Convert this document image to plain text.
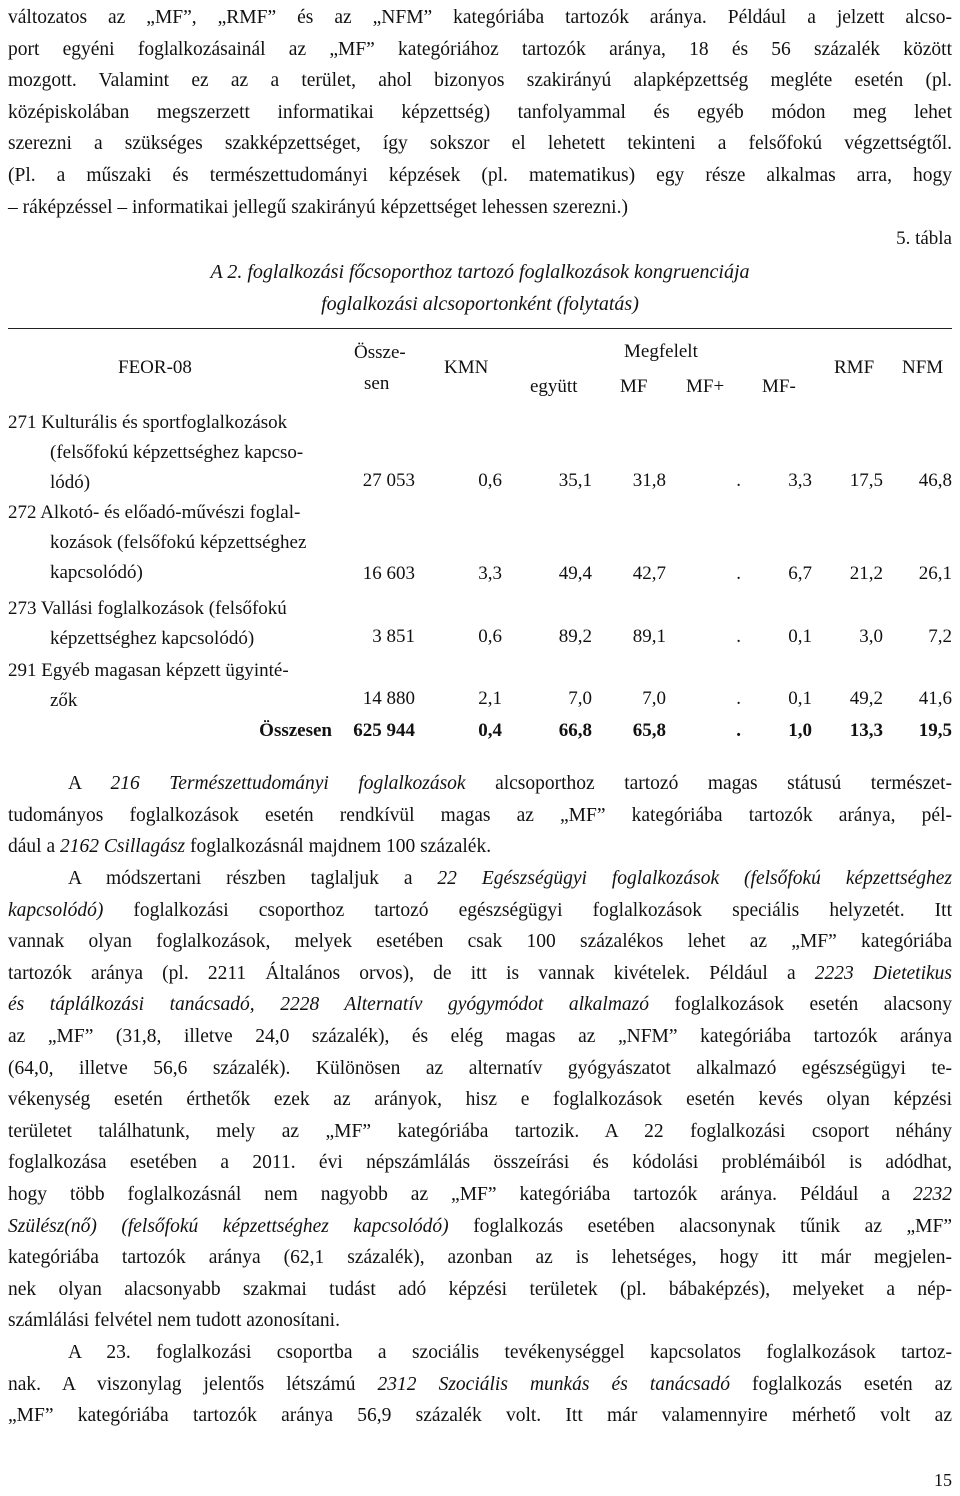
változatos az „MF”, „RMF” és az „NFM” kategóriába tartozók aránya. Például a jelzett alcso-
port egyéni foglalkozásainál az „MF” kategóriához tartozók aránya, 18 és 56 százalék között
mozgott. Valamint ez az a terület, ahol bizonyos szakirányú alapképzettség megléte esetén (pl.
középiskolában megszerzett informatikai képzettség) tanfolyammal és egyéb módon meg lehet
szerezni a szükséges szakképzettséget, így sokszor el lehetett tekinteni a felsőfokú végzettségtől.
(Pl. a műszaki és természettudományi képzések (pl. matematikus) egy része alkalmas arra, hogy
– ráképzéssel – informatikai jellegű szakirányú képzettséget lehessen szerezni.)
5. tábla
A 2. foglalkozási főcsoporthoz tartozó foglalkozások kongruenciája
foglalkozási alcsoportonként (folytatás)
FEOR-08
Össze-
sen
KMN
Megfelelt
együtt MF MF+ MF-
RMF NFM
271 Kulturális és sportfoglalkozások
(felsőfokú képzettséghez kapcso-
lódó)	27 053	0,6	35,1 31,8	. 3,3 17,5 46,8
272 Alkotó- és előadó-művészi foglal-
kozások (felsőfokú képzettséghez
kapcsolódó)	16 603	3,3	49,4 42,7	. 6,7 21,2 26,1
273 Vallási foglalkozások (felsőfokú
képzettséghez kapcsolódó)	3 851	0,6	89,2 89,1	. 0,1 3,0 7,2
291 Egyéb magasan képzett ügyinté-
zők	14 880	2,1	7,0	7,0	. 0,1 49,2 41,6
Összesen 625 944	0,4	66,8 65,8	. 1,0 13,3 19,5
A 216 Természettudományi foglalkozások alcsoporthoz tartozó magas státusú természet-
tudományos foglalkozások esetén rendkívül magas az „MF” kategóriába tartozók aránya, pél-
dául a 2162 Csillagász foglalkozásnál majdnem 100 százalék.
A módszertani részben taglaljuk a 22 Egészségügyi foglalkozások (felsőfokú képzettséghez
kapcsolódó) foglalkozási csoporthoz tartozó egészségügyi foglalkozások speciális helyzetét. Itt
vannak olyan foglalkozások, melyek esetében csak 100 százalékos lehet az „MF” kategóriába
tartozók aránya (pl. 2211 Általános orvos), de itt is vannak kivételek. Például a 2223 Dietetikus
és táplálkozási tanácsadó, 2228 Alternatív gyógymódot alkalmazó foglalkozások esetén alacsony
az „MF” (31,8, illetve 24,0 százalék), és elég magas az „NFM” kategóriába tartozók aránya
(64,0, illetve 56,6 százalék). Különösen az alternatív gyógyászatot alkalmazó egészségügyi te-
vékenység esetén érthetők ezek az arányok, hisz e foglalkozások esetén kevés olyan képzési
területet találhatunk, mely az „MF” kategóriába tartozik. A 22 foglalkozási csoport néhány
foglalkozása esetében a 2011. évi népszámlálás összeírási és kódolási problémáiból is adódhat,
hogy több foglalkozásnál nem nagyobb az „MF” kategóriába tartozók aránya. Például a 2232
Szülész(nő) (felsőfokú képzettséghez kapcsolódó) foglalkozás esetében alacsonynak tűnik az „MF”
kategóriába tartozók aránya (62,1 százalék), azonban az is lehetséges, hogy itt már megjelen-
nek olyan alacsonyabb szakmai tudást adó képzési területek (pl. bábaképzés), melyeket a nép-
számlálási felvétel nem tudott azonosítani.
A 23. foglalkozási csoportba a szociális tevékenységgel kapcsolatos foglalkozások tartoz-
nak. A viszonylag jelentős létszámú 2312 Szociális munkás és tanácsadó foglalkozás esetén az
„MF” kategóriába tartozók aránya 56,9 százalék volt. Itt már valamennyire mérhető volt az
15
